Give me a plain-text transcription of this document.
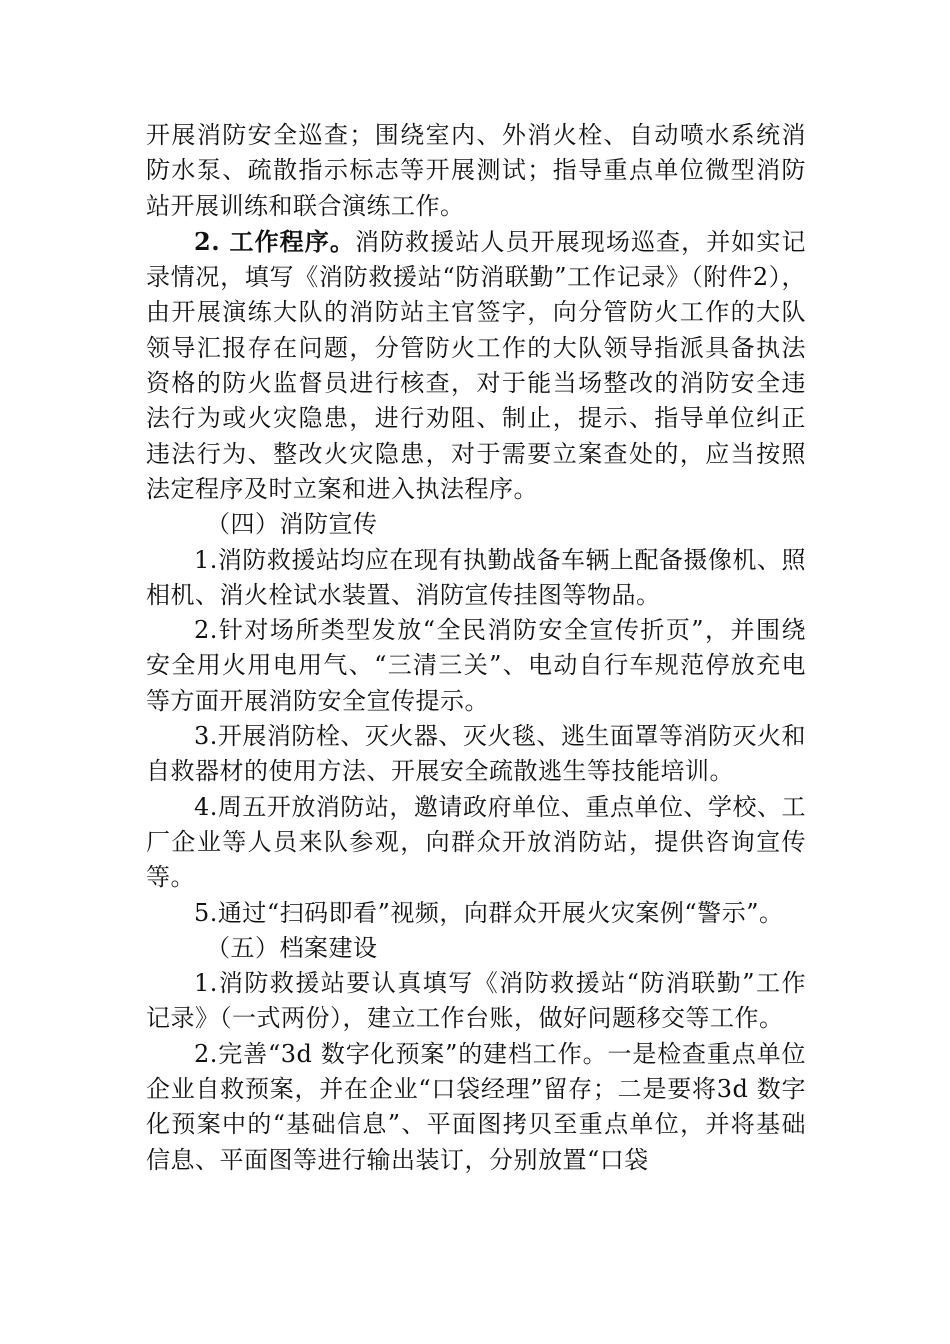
开展消防安全巡查；围绕室内、外消火栓、自动喷水系统消防水泵、疏散指示标志等开展测试；指导重点单位微型消防站开展训练和联合演练工作。

2. 工作程序。消防救援站人员开展现场巡查，并如实记录情况，填写《消防救援站“防消联勤”工作记录》（附件2），由开展演练大队的消防站主官签字，向分管防火工作的大队领导汇报存在问题，分管防火工作的大队领导指派具备执法资格的防火监督员进行核查，对于能当场整改的消防安全违法行为或火灾隐患，进行劝阻、制止，提示、指导单位纠正违法行为、整改火灾隐患，对于需要立案查处的，应当按照法定程序及时立案和进入执法程序。

（四）消防宣传

1.消防救援站均应在现有执勤战备车辆上配备摄像机、照相机、消火栓试水装置、消防宣传挂图等物品。

2.针对场所类型发放“全民消防安全宣传折页”，并围绕安全用火用电用气、“三清三关”、电动自行车规范停放充电等方面开展消防安全宣传提示。

3.开展消防栓、灭火器、灭火毯、逃生面罩等消防灭火和自救器材的使用方法、开展安全疏散逃生等技能培训。

4.周五开放消防站，邀请政府单位、重点单位、学校、工厂企业等人员来队参观，向群众开放消防站，提供咨询宣传等。

5.通过“扫码即看”视频，向群众开展火灾案例“警示”。

（五）档案建设

1.消防救援站要认真填写《消防救援站“防消联勤”工作记录》（一式两份），建立工作台账，做好问题移交等工作。

2.完善“3d 数字化预案”的建档工作。一是检查重点单位企业自救预案，并在企业“口袋经理”留存；二是要将3d 数字化预案中的“基础信息”、平面图拷贝至重点单位，并将基础信息、平面图等进行输出装订，分别放置“口袋
